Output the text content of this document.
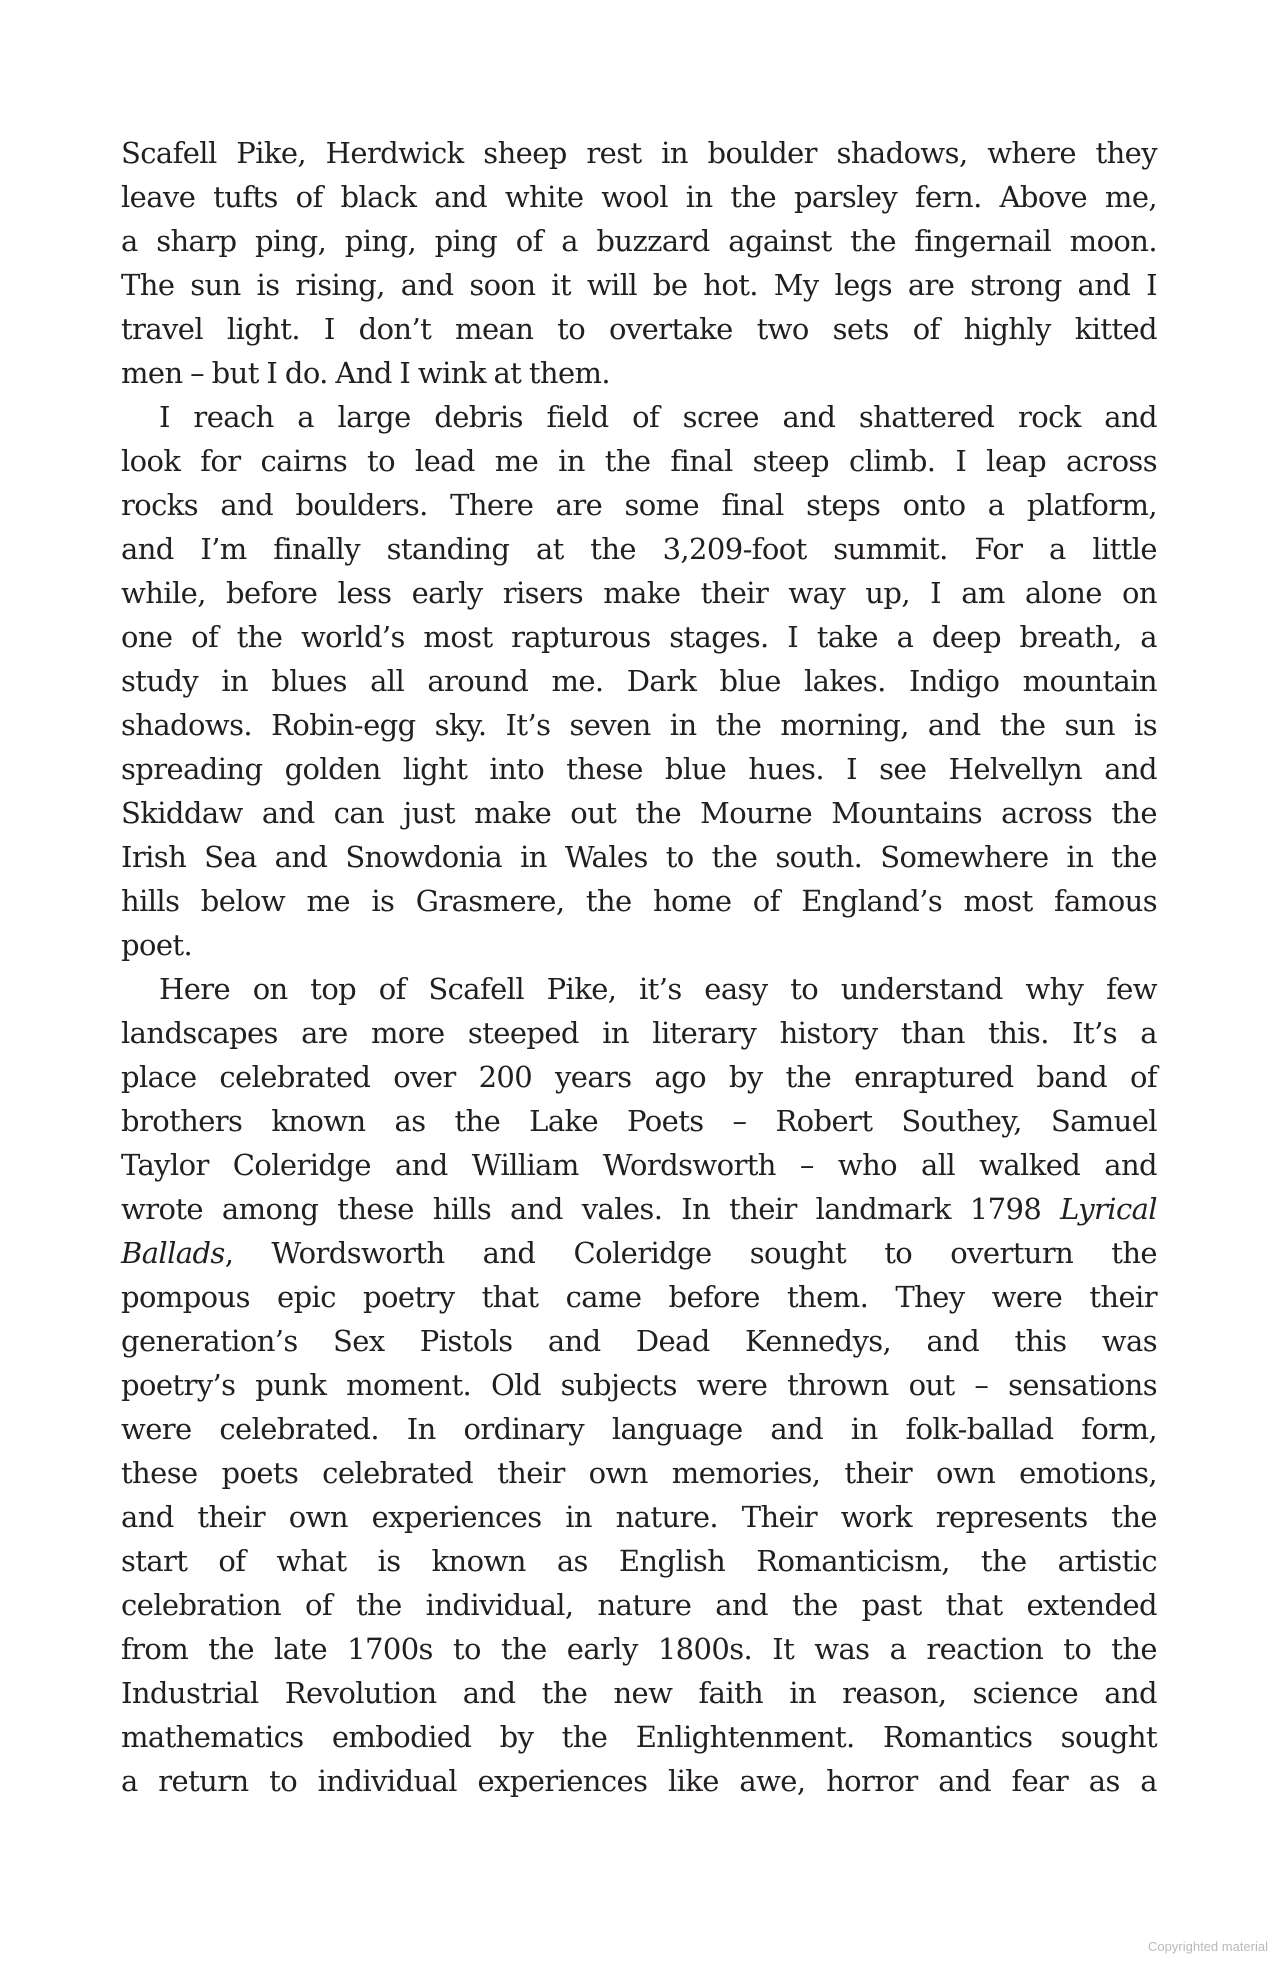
Scafell Pike, Herdwick sheep rest in boulder shadows, where they
leave tufts of black and white wool in the parsley fern. Above me,
a sharp ping, ping, ping of a buzzard against the fingernail moon.
The sun is rising, and soon it will be hot. My legs are strong and I
travel light. I don’t mean to overtake two sets of highly kitted
men – but I do. And I wink at them.
I reach a large debris field of scree and shattered rock and
look for cairns to lead me in the final steep climb. I leap across
rocks and boulders. There are some final steps onto a platform,
and I’m finally standing at the 3,209-foot summit. For a little
while, before less early risers make their way up, I am alone on
one of the world’s most rapturous stages. I take a deep breath, a
study in blues all around me. Dark blue lakes. Indigo mountain
shadows. Robin-egg sky. It’s seven in the morning, and the sun is
spreading golden light into these blue hues. I see Helvellyn and
Skiddaw and can just make out the Mourne Mountains across the
Irish Sea and Snowdonia in Wales to the south. Somewhere in the
hills below me is Grasmere, the home of England’s most famous
poet.
Here on top of Scafell Pike, it’s easy to understand why few
landscapes are more steeped in literary history than this. It’s a
place celebrated over 200 years ago by the enraptured band of
brothers known as the Lake Poets – Robert Southey, Samuel
Taylor Coleridge and William Wordsworth – who all walked and
wrote among these hills and vales. In their landmark 1798 Lyrical
Ballads, Wordsworth and Coleridge sought to overturn the
pompous epic poetry that came before them. They were their
generation’s Sex Pistols and Dead Kennedys, and this was
poetry’s punk moment. Old subjects were thrown out – sensations
were celebrated. In ordinary language and in folk-ballad form,
these poets celebrated their own memories, their own emotions,
and their own experiences in nature. Their work represents the
start of what is known as English Romanticism, the artistic
celebration of the individual, nature and the past that extended
from the late 1700s to the early 1800s. It was a reaction to the
Industrial Revolution and the new faith in reason, science and
mathematics embodied by the Enlightenment. Romantics sought
a return to individual experiences like awe, horror and fear as a
Copyrighted material
